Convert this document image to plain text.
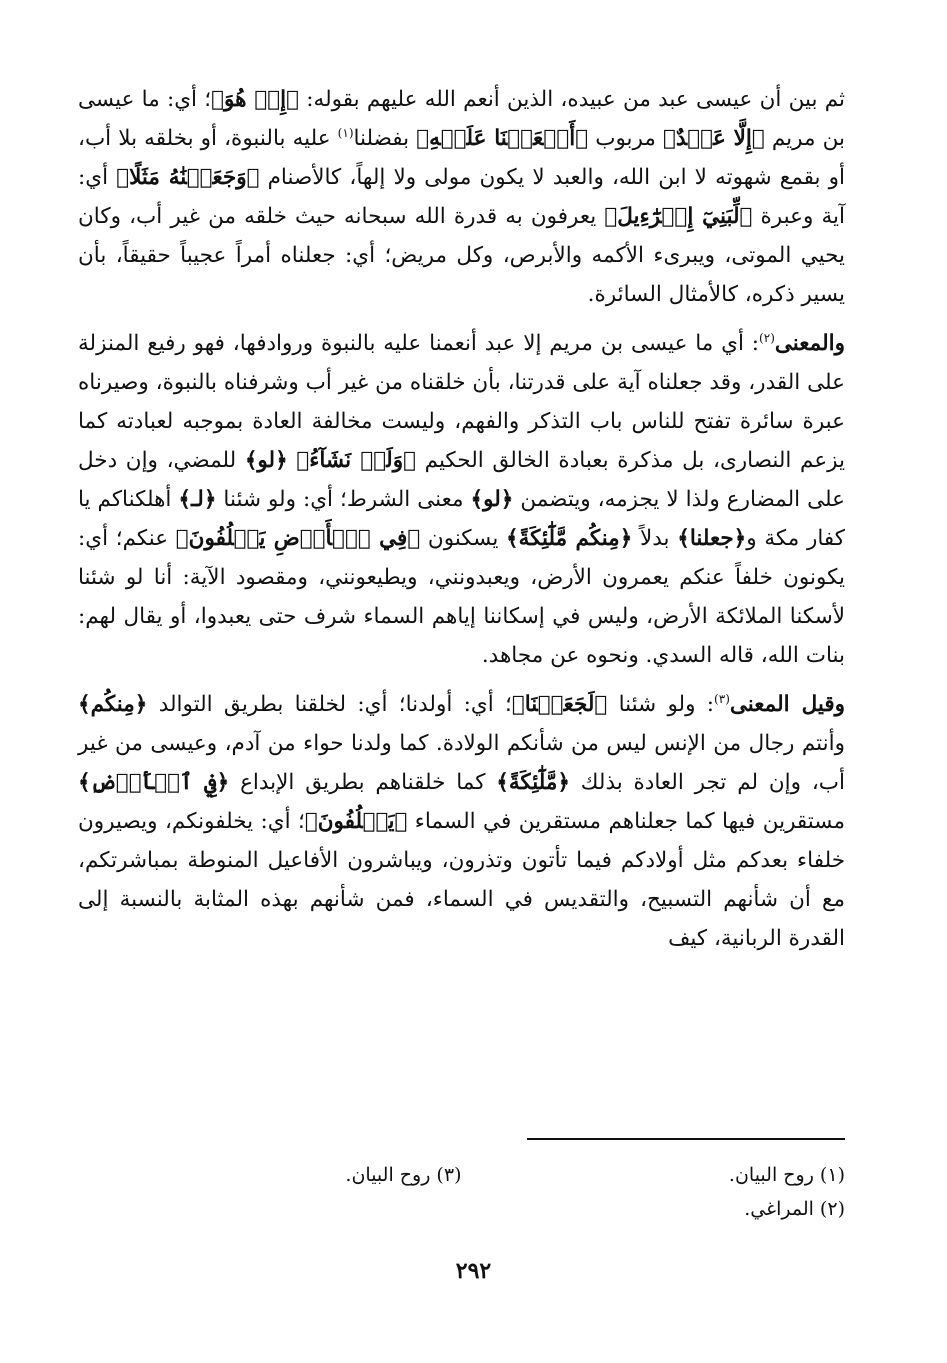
ثم بين أن عيسى عبد من عبيده، الذين أنعم الله عليهم بقوله: ﴿إِنۡ هُوَ﴾؛ أي: ما عيسى بن مريم ﴿إِلَّا عَبۡدٌ﴾ مربوب ﴿أَنۡعَمۡنَا عَلَيۡهِ﴾ بفضلنا$^{(١)}$ عليه بالنبوة، أو بخلقه بلا أب، أو بقمع شهوته لا ابن الله، والعبد لا يكون مولى ولا إلهاً، كالأصنام ﴿وَجَعَلۡنَٰهُ مَثَلًا﴾ أي: آية وعبرة ﴿لِّبَنِيٓ إِسۡرَٰٓءِيلَ﴾ يعرفون به قدرة الله سبحانه حيث خلقه من غير أب، وكان يحيي الموتى، ويبرىء الأكمه والأبرص، وكل مريض؛ أي: جعلناه أمراً عجيباً حقيقاً، بأن يسير ذكره، كالأمثال السائرة.

والمعنى$^{(٢)}$: أي ما عيسى بن مريم إلا عبد أنعمنا عليه بالنبوة وروادفها، فهو رفيع المنزلة على القدر، وقد جعلناه آية على قدرتنا، بأن خلقناه من غير أب وشرفناه بالنبوة، وصيرناه عبرة سائرة تفتح للناس باب التذكر والفهم، وليست مخالفة العادة بموجبه لعبادته كما يزعم النصارى، بل مذكرة بعبادة الخالق الحكيم ﴿وَلَوۡ نَشَآءُ﴾ ﴿لو﴾ للمضي، وإن دخل على المضارع ولذا لا يجزمه، ويتضمن ﴿لو﴾ معنى الشرط؛ أي: ولو شئنا ﴿لـ﴾ أهلكناكم يا كفار مكة و﴿جعلنا﴾ بدلاً ﴿مِنكُم مَّلَٰٓئِكَةً﴾ يسكنون ﴿فِي ٱلۡأَرۡضِ يَخۡلُفُونَ﴾ عنكم؛ أي: يكونون خلفاً عنكم يعمرون الأرض، ويعبدونني، ويطيعونني، ومقصود الآية: أنا لو شئنا لأسكنا الملائكة الأرض، وليس في إسكاننا إياهم السماء شرف حتى يعبدوا، أو يقال لهم: بنات الله، قاله السدي. ونحوه عن مجاهد.

وقيل المعنى$^{(٣)}$: ولو شئنا ﴿لَجَعَلۡنَا﴾؛ أي: أولدنا؛ أي: لخلقنا بطريق التوالد ﴿مِنكُم﴾ وأنتم رجال من الإنس ليس من شأنكم الولادة. كما ولدنا حواء من آدم، وعيسى من غير أب، وإن لم تجر العادة بذلك ﴿مَّلَٰٓئِكَةً﴾ كما خلقناهم بطريق الإبداع ﴿فِي ٱلۡأَرۡضِ﴾ مستقرين فيها كما جعلناهم مستقرين في السماء ﴿يَخۡلُفُونَ﴾؛ أي: يخلفونكم، ويصيرون خلفاء بعدكم مثل أولادكم فيما تأتون وتذرون، ويباشرون الأفاعيل المنوطة بمباشرتكم، مع أن شأنهم التسبيح، والتقديس في السماء، فمن شأنهم بهذه المثابة بالنسبة إلى القدرة الربانية، كيف

(١) روح البيان.
(٢) المراغي.
(٣) روح البيان.
٢٩٢
